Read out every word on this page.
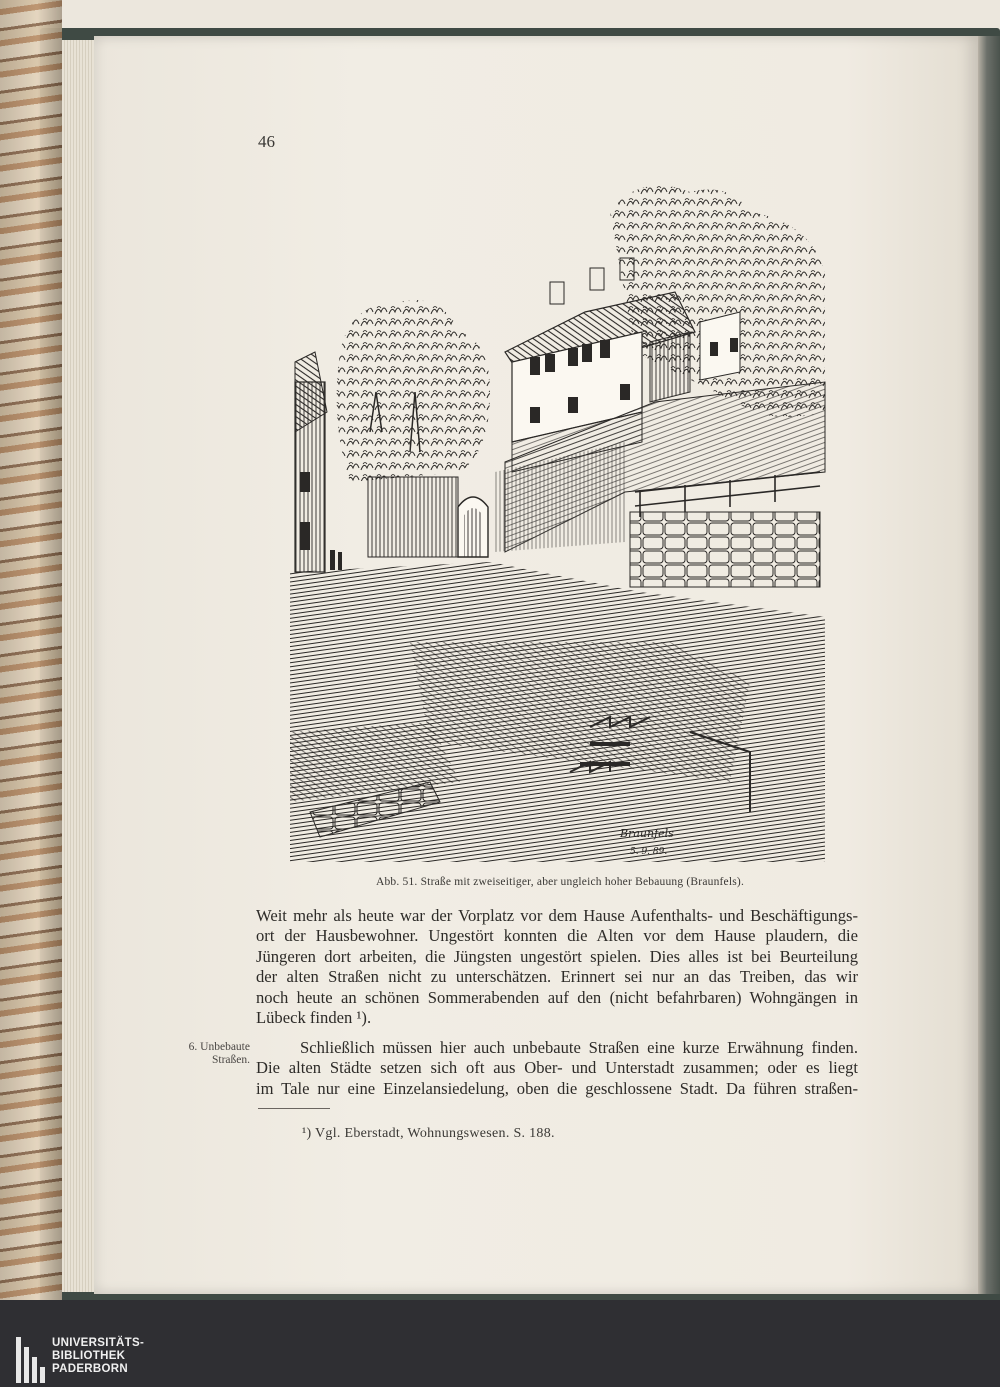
46
Braunfels
5. 9. 89.
Abb. 51. Straße mit zweiseitiger, aber ungleich hoher Bebauung (Braunfels).
Weit mehr als heute war der Vorplatz vor dem Hause Aufenthalts- und Beschäftigungs-
ort der Hausbewohner. Ungestört konnten die Alten vor dem Hause plaudern, die
Jüngeren dort arbeiten, die Jüngsten ungestört spielen. Dies alles ist bei Beurteilung
der alten Straßen nicht zu unterschätzen. Erinnert sei nur an das Treiben, das wir
noch heute an schönen Sommerabenden auf den (nicht befahrbaren) Wohngängen in
Lübeck finden ¹).
6. Unbebaute
Straßen.
Schließlich müssen hier auch unbebaute Straßen eine kurze Erwähnung finden.
Die alten Städte setzen sich oft aus Ober- und Unterstadt zusammen; oder es liegt
im Tale nur eine Einzelansiedelung, oben die geschlossene Stadt. Da führen straßen-
¹) Vgl. Eberstadt, Wohnungswesen. S. 188.
UNIVERSITÄTS-
BIBLIOTHEK
PADERBORN
